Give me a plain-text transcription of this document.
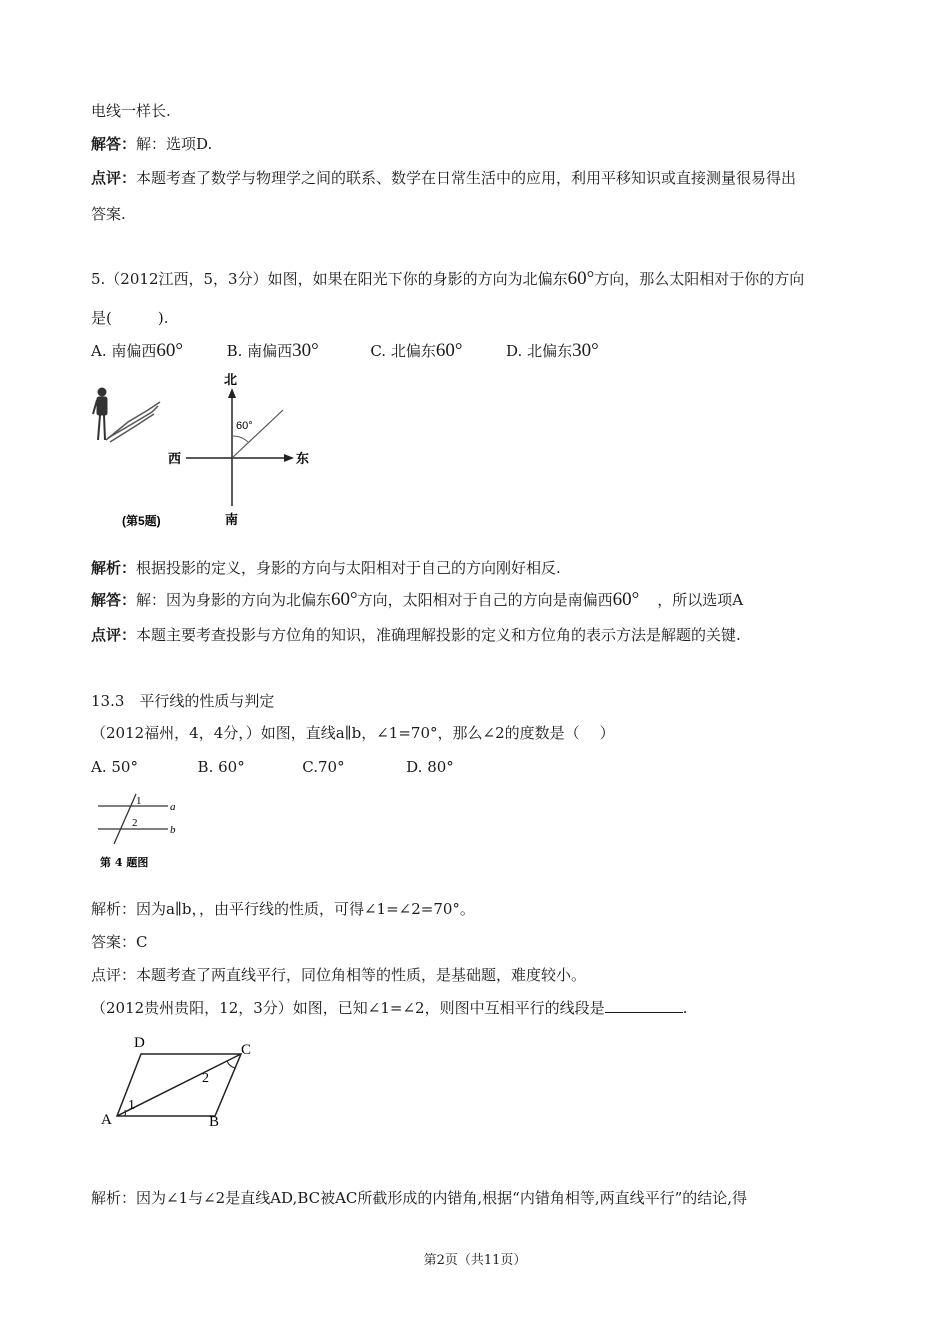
电线一样长.
解答：解：选项D.
点评：本题考查了数学与物理学之间的联系、数学在日常生活中的应用，利用平移知识或直接测量很易得出
答案.
5.（2012江西，5，3分）如图，如果在阳光下你的身影的方向为北偏东60°方向，那么太阳相对于你的方向
是(	).
A. 南偏西60°	B. 南偏西30°	C. 北偏东60°	D. 北偏东30°
北
西	东
南
60°
(第5题)
解析：根据投影的定义，身影的方向与太阳相对于自己的方向刚好相反.
解答：解：因为身影的方向为北偏东60°方向，太阳相对于自己的方向是南偏西60° ，所以选项A
点评：本题主要考查投影与方位角的知识，准确理解投影的定义和方位角的表示方法是解题的关键.
13.3　平行线的性质与判定
（2012福州，4，4分，）如图，直线a∥b，∠1=70°，那么∠2的度数是（ ）
A. 50°	B. 60°	C.70°	D. 80°
1
2
a
b
第 4 题图
解析：因为a∥b，，由平行线的性质，可得∠1=∠2=70°。
答案：C
点评：本题考查了两直线平行，同位角相等的性质，是基础题，难度较小。
（2012贵州贵阳，12，3分）如图，已知∠1=∠2，则图中互相平行的线段是	.
D	C
A	B
1
2
解析：因为∠1与∠2是直线AD,BC被AC所截形成的内错角,根据“内错角相等,两直线平行”的结论,得
第2页（共11页）
